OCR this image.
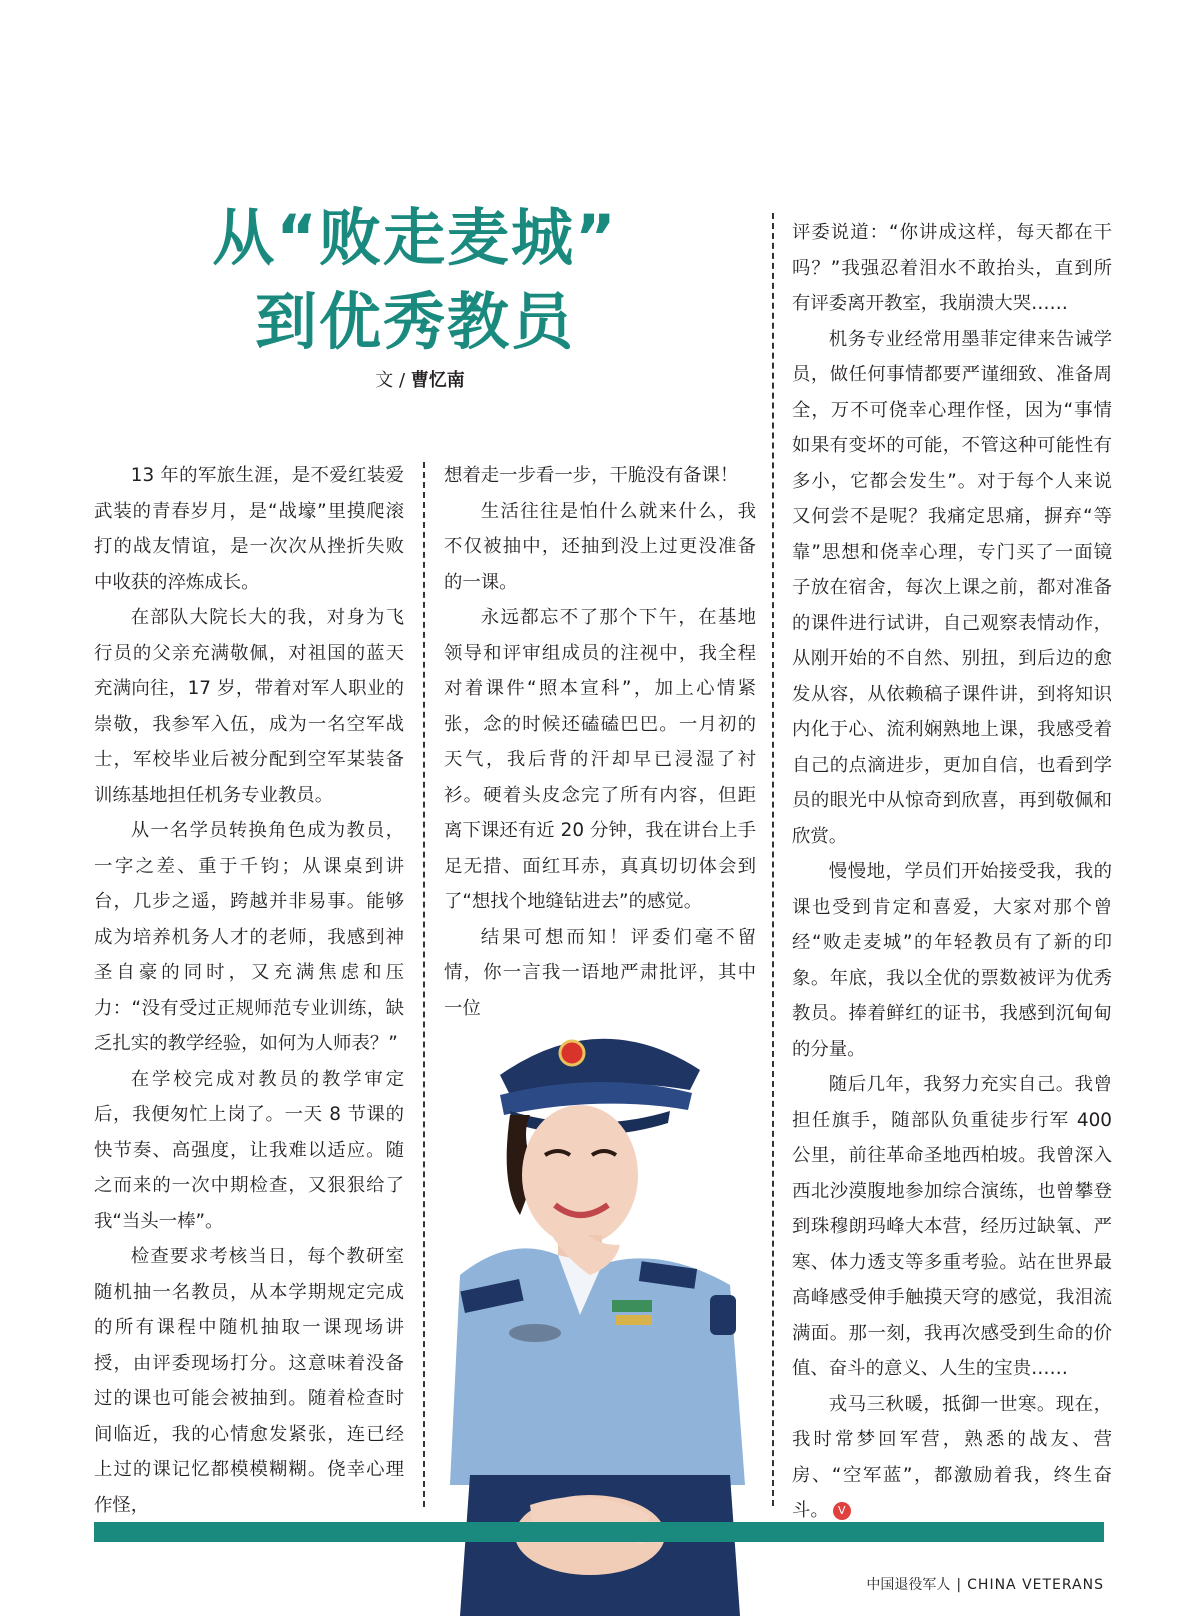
从“败走麦城”
到优秀教员
文 / 曹忆南

13 年的军旅生涯，是不爱红装爱武装的青春岁月，是“战壕”里摸爬滚打的战友情谊，是一次次从挫折失败中收获的淬炼成长。

在部队大院长大的我，对身为飞行员的父亲充满敬佩，对祖国的蓝天充满向往，17 岁，带着对军人职业的崇敬，我参军入伍，成为一名空军战士，军校毕业后被分配到空军某装备训练基地担任机务专业教员。

从一名学员转换角色成为教员，一字之差、重于千钧；从课桌到讲台，几步之遥，跨越并非易事。能够成为培养机务人才的老师，我感到神圣自豪的同时，又充满焦虑和压力：“没有受过正规师范专业训练，缺乏扎实的教学经验，如何为人师表？”

在学校完成对教员的教学审定后，我便匆忙上岗了。一天 8 节课的快节奏、高强度，让我难以适应。随之而来的一次中期检查，又狠狠给了我“当头一棒”。

检查要求考核当日，每个教研室随机抽一名教员，从本学期规定完成的所有课程中随机抽取一课现场讲授，由评委现场打分。这意味着没备过的课也可能会被抽到。随着检查时间临近，我的心情愈发紧张，连已经上过的课记忆都模模糊糊。侥幸心理作怪，

想着走一步看一步，干脆没有备课！

生活往往是怕什么就来什么，我不仅被抽中，还抽到没上过更没准备的一课。

永远都忘不了那个下午，在基地领导和评审组成员的注视中，我全程对着课件“照本宣科”，加上心情紧张，念的时候还磕磕巴巴。一月初的天气，我后背的汗却早已浸湿了衬衫。硬着头皮念完了所有内容，但距离下课还有近 20 分钟，我在讲台上手足无措、面红耳赤，真真切切体会到了“想找个地缝钻进去”的感觉。

结果可想而知！评委们毫不留情，你一言我一语地严肃批评，其中一位

评委说道：“你讲成这样，每天都在干吗？”我强忍着泪水不敢抬头，直到所有评委离开教室，我崩溃大哭……

机务专业经常用墨菲定律来告诫学员，做任何事情都要严谨细致、准备周全，万不可侥幸心理作怪，因为“事情如果有变坏的可能，不管这种可能性有多小，它都会发生”。对于每个人来说又何尝不是呢？我痛定思痛，摒弃“等靠”思想和侥幸心理，专门买了一面镜子放在宿舍，每次上课之前，都对准备的课件进行试讲，自己观察表情动作，从刚开始的不自然、别扭，到后边的愈发从容，从依赖稿子课件讲，到将知识内化于心、流利娴熟地上课，我感受着自己的点滴进步，更加自信，也看到学员的眼光中从惊奇到欣喜，再到敬佩和欣赏。

慢慢地，学员们开始接受我，我的课也受到肯定和喜爱，大家对那个曾经“败走麦城”的年轻教员有了新的印象。年底，我以全优的票数被评为优秀教员。捧着鲜红的证书，我感到沉甸甸的分量。

随后几年，我努力充实自己。我曾担任旗手，随部队负重徒步行军 400 公里，前往革命圣地西柏坡。我曾深入西北沙漠腹地参加综合演练，也曾攀登到珠穆朗玛峰大本营，经历过缺氧、严寒、体力透支等多重考验。站在世界最高峰感受伸手触摸天穹的感觉，我泪流满面。那一刻，我再次感受到生命的价值、奋斗的意义、人生的宝贵……

戎马三秋暖，抵御一世寒。现在，我时常梦回军营，熟悉的战友、营房、“空军蓝”，都激励着我，终生奋斗。 V

中国退役军人 | CHINA VETERANS
